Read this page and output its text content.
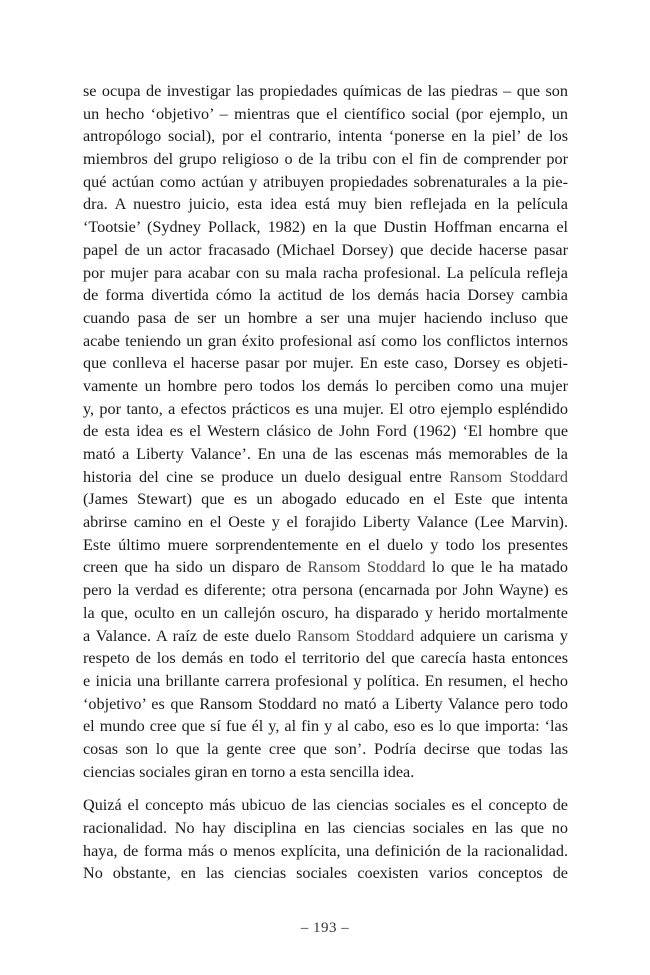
se ocupa de investigar las propiedades químicas de las piedras – que son
un hecho ‘objetivo’ – mientras que el científico social (por ejemplo, un
antropólogo social), por el contrario, intenta ‘ponerse en la piel’ de los
miembros del grupo religioso o de la tribu con el fin de comprender por
qué actúan como actúan y atribuyen propiedades sobrenaturales a la pie-
dra. A nuestro juicio, esta idea está muy bien reflejada en la película
‘Tootsie’ (Sydney Pollack, 1982) en la que Dustin Hoffman encarna el
papel de un actor fracasado (Michael Dorsey) que decide hacerse pasar
por mujer para acabar con su mala racha profesional. La película refleja
de forma divertida cómo la actitud de los demás hacia Dorsey cambia
cuando pasa de ser un hombre a ser una mujer haciendo incluso que
acabe teniendo un gran éxito profesional así como los conflictos internos
que conlleva el hacerse pasar por mujer. En este caso, Dorsey es objeti-
vamente un hombre pero todos los demás lo perciben como una mujer
y, por tanto, a efectos prácticos es una mujer. El otro ejemplo espléndido
de esta idea es el Western clásico de John Ford (1962) ‘El hombre que
mató a Liberty Valance’. En una de las escenas más memorables de la
historia del cine se produce un duelo desigual entre Ransom Stoddard
(James Stewart) que es un abogado educado en el Este que intenta
abrirse camino en el Oeste y el forajido Liberty Valance (Lee Marvin).
Este último muere sorprendentemente en el duelo y todo los presentes
creen que ha sido un disparo de Ransom Stoddard lo que le ha matado
pero la verdad es diferente; otra persona (encarnada por John Wayne) es
la que, oculto en un callejón oscuro, ha disparado y herido mortalmente
a Valance. A raíz de este duelo Ransom Stoddard adquiere un carisma y
respeto de los demás en todo el territorio del que carecía hasta entonces
e inicia una brillante carrera profesional y política. En resumen, el hecho
‘objetivo’ es que Ransom Stoddard no mató a Liberty Valance pero todo
el mundo cree que sí fue él y, al fin y al cabo, eso es lo que importa: ‘las
cosas son lo que la gente cree que son’. Podría decirse que todas las
ciencias sociales giran en torno a esta sencilla idea.
Quizá el concepto más ubicuo de las ciencias sociales es el concepto de
racionalidad. No hay disciplina en las ciencias sociales en las que no
haya, de forma más o menos explícita, una definición de la racionalidad.
No obstante, en las ciencias sociales coexisten varios conceptos de
– 193 –
